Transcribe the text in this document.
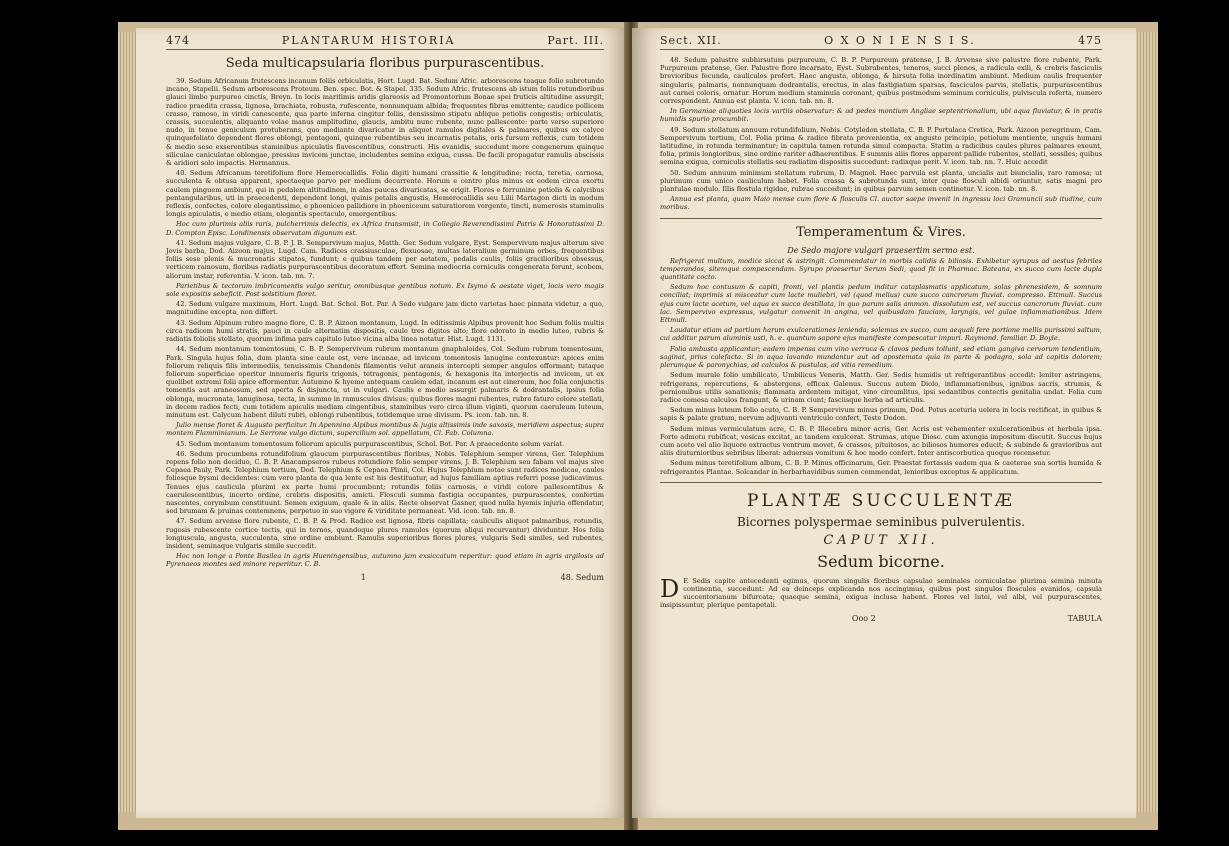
474	PLANTARUM HISTORIA	Part. III.
Seda multicapsularia floribus purpurascentibus.

39. Sedum Africanum frutescens incanum foliis orbiculatis, Hort. Lugd. Bat. Sedum Afric. arborescens teaque folio subrotundo incano, Stapelii. Sedum arborescens Proteum. Ben. spec. Bot. & Stapel. 335. Sedum Afric. frutescens ab istum foliis rotundioribus glauci limbo purpureo cinctis, Breyn. In locis maritimis aridis glareosis ad Promontorium Bonae spei fruticis altitudine assurgit, radice praedita crassa, lignosa, brachiata, robusta, rufescente, nonnunquam albida; frequentes fibras emittente; caudice pollicem crasso, ramoso, in viridi canescente, qua parte inferna cingitur foliis, densissimo stipatu ablique petiolis congestis; orbiculatis, crassis, succulentis, aliquanto volae manus amplitudine, glaucis, ambitu nunc rubente, nunc pallescente: parte verso superiore nudo, in tenue geniculum protuberans, quo mediante divaricatur in aliquot ramulos digitales & palmares, quibus ex calyce quinquefoliato dependent flores oblongi, pentagoni, quinque rubentibus seu incarnatis petalis, oris fursum reflexis, cum totidem & medio sese exserentibus staminibus apiculatis flavescentibus, constructi. His evanidis, succedunt more congenerum quinque siliculae caniculatae oblongae, pressius invicem junctae, includentes semina exigua, cussa. De facili propagatur ramulis abscissis & aridiori solo impactis. Hermannus.

40. Sedum Africanum teretifolium flore Hemerocallidis. Folia digiti humani crassitie & longitudine; recta, teretia, carnosa, succulenta & obtusa apparent, spectaeque parvo per medium decurrente. Horum e centro plus minus ex eodem circa exortu caulem pinguem ambiunt, qui in pedalem altitudinem, in alas paucas divaricatas, se erigit. Flores e ferrumine petiolis & calycibus pentangularibus, uti in praecedenti, dependent longi, quinis petalis angustis, Hemerocallidis seu Lilii Martagon dicti in modum reflexis, confectes, colore elegantissimo, e phoeniceo pallidiore in phoeniceum saturatiorem vergente, tincti, numerosis staminulis longis apiculatis, e medio etiam, elegantis spectaculo, emergentibus.

Hoc cum plurimis aliis raris, pulcherrimis delectis, ex Africa transmisit, in Collegio Reverendissimi Patris & Honoratissimi D. D. Compton Episc. Londinensis observatam digunum est.

41. Sedum majus vulgare, C. B. P. J. B. Sempervivum majus, Matth. Ger. Sedum vulgare, Eyst. Sempervivum majus alterum sive Jovis barba, Dod. Aizoon majus, Lugd. Cam. Radices crassiusculae, flexuosae, multas lateralium germinum orbes, frequentibus foliis sese plenis & mucronatis stipatos, fundunt; e quibus tandem per aetatem, pedalis caulis, foliis gracilioribus obsessus, verticem ramosum, floribus radiatis purpurascentibus decoratum effert. Semina mediocria corniculis congenerata ferunt, scobem, aliorum instar, referentia. V. icon. tab. nn. 7.

Parietibus & tectorum imbricamentis vulgo seritur, omnibusque gentibus notum. Ex Isymo & aestate viget, locis vero magis sole expositis sebeficit. Post solstitium floret.

42. Sedum vulgare maximum, Hort. Lugd. Bat. Schol. Bot. Par. A Sedo vulgare jam dicto varietas haec pinnata videtur, a quo, magnitudine excepta, non differt.

43. Sedum Alpinum rubro magno flore, C. B. P. Aizoon montanum, Lugd. In editissimis Alpibus provenit hoc Sedum foliis multis circa radicem humi stratis, pauci in caule alternatim dispositis, caule tres digitos alto; flore odorato in medio luteo, rubris & radiatis foliolis stellato, quorum infima pars capitulo luteo vicina alba linea notatur. Hist. Lugd. 1131.

44. Sedum montanum tomentosum, C. B. P. Sempervivum rubrum montanum gnaphaloides, Col. Sedum rubrum tomentosum, Park. Singula hujus folia, dum planta sine caule est, vere incanae, ad invicem tomentosis lanugine contexuntur: apices enim foliorum reliquis filis intermediis, tenuissimis Chandonis filamentis velut araneis intercepti semper angulos efformant; tutaque foliorum superficiae operitur innumeris figuris trigonis, tetragonis, pentagonis, & hexagonis ita interjectis ad invicem, ut ex quolibet extremi folii apice efformentur. Autumno & hyeme antequam caulem edat, incanum est aut cinereum, hoc folia conjunctis tomentis aut araneosum, sed aperta & disjuncta, ut in vulgari. Caulis e medio assurgit palmaris & dodrantalis, ipsius folia oblonga, mucronata, lanuginosa, tecta, in summo in ramusculos divisus: quibus flores magni rubentes, rubro faturo colore stellati, in decem radios fecti, cum totidem apiculis mediam cingentibus, staminibus vero circa illum viginti, quorum caeruleum luteum, minutum est. Calycum habent diluti rubri, oblongi rubentibus, totidemque urae divisum. Ps. icon. tab. nn. 8.

Julio mense floret & Augusto perficitur. In Apennino Alpibus montibus & jugis altissimis inde saxosis, meridiem aspectus; supra montem Flamminianum. Le Serrone vulgo dictum, supercilium sol. appellatum, Cl. Fab. Columna.

45. Sedum montanum tomentosum foliorum apiculis purpurascentibus, Schol. Bot. Par. A praecedente solum variat.

46. Sedum procumbens rotundifolium glaucum purpurascentibus floribus, Nobis. Telephium semper virens, Ger. Telephium repens folio non deciduo, C. B. P. Anacampseros rubeus rotundiore folio semper virens, J. B. Telephium seu fabam vel majus sive Cepaea Pauly, Park. Telephium tertium, Dod. Telephium & Cepaea Plinii, Col. Hujus Telephium notae sunt radices modicae, caules foliosque bysmi decidentes: cum vero planta de qua lente est his destituatur, ad hujus familiam aptius referri posse judicavimus. Tenues ejus caulicula plurimi ex parte humi procumbunt; rotundis foliis carnosis, e viridi colore pallescentibus & caerulescentibus, incerto ordine, crebris dispositis, amicti. Flosculi summa fastigia occupantes, purpurascentes, confertim nascentes, corymbum constituunt. Semen exiguum, quale & in aliis. Recte observat Gasner, quod nulla hyemis injuria offendatur, sed brumam & pruinas contemnens, perpetuo in suo vigore & viriditate permaneat. Vid. icon. tab. nn. 8.

47. Sedum arvense flore rubente, C. B. P. & Prod. Radice est lignosa, fibris capillata; cauliculis aliquot palmaribus, rotundis, rugosis rubescente cortice tectis, qui in ternos, quandoque plures ramulos (quorum aliqui recurvantur) dividuntur. Hos folia longiuscula, angusta, succulenta, sine ordine ambiunt. Ramulis superioribus flores plures, vulgaris Sedi similes, sed rubentes, insident, seminaque vulgaris simile succedit.

Hoc non longe a Ponte Basilea in agris Hueningensibus, autumno jam exsiccatum reperitur: quod etiam in agris argilosis ad Pyrenaeos montes sed minore reperiitur. C. B.

1	48. Sedum
Sect. XII.	O X O N I E N S I S.	475

48. Sedum palustre subhirsutum purpureum, C. B. P. Purpureum pratense, J. B. Arvense sive palustre flore rubente, Park. Purpureum pratense, Ger. Palustre flore incarnato, Eyst. Subrubentes, teneros, succi plenos, a radicula exili, & crebris fasciculis brevioribus fecunda, cauliculos profert. Haec angusta, oblonga, & hirsuta folia inordinatim ambiunt. Medium caulis frequenter singularis, palmaris, nonnunquam dodrantalis, erectus, in alas fastigiatum sparsas, fasciculos parvis, stellatis, purpurascentibus aut carnei coloris, ornatur. Horum medium staminula coronant, quibus postmodum seminum corniculis, pulviscula referta, numero correspondent. Annua est planta. V. icon. tab. nn. 8.

In Germaniae aliquoties locis vartiis observatur: & ad pedes montium Angliae septentrionalium, ubi aqua fluviatur, & in pratis humidis spurio procumbit.

49. Sedum stellatum annuum rotundifolium, Nobis. Cotyledon stellata, C. B. P. Portulaca Cretica, Park. Aizoon peregrinum, Cam. Sempervivum tertium, Col. Folia prima & radice fibrata provenientia, ex angusto principio, petiolum mentiente, unguis humani latitudine, in rotunda terminantur; in capitula tamen rotunda simul compacta. Statim a radicibus caules plures palmares exeunt, folia, primis longioribus, sine ordine rariter adhaerentibus. E summis aliis flores apparent pallide rubentes, stellati, sessiles; quibus semina exigua, corniculis stellatis seu radiatim dispositis succedunt: radixque perit. V. icon. tab. nn. 7. Huic accedit

50. Sedum annuum minimum stellatum rubrum, D. Magnol. Haec parvula est planta, uncialis aut biuncialis, raro ramosa; ut plurimum cum unico cauliculum habet. Folia crassa & subrotunda sunt, inter quae flosculi albidi oriuntur, satis magni pro plantulae modulo. Illis flostula rigidae, rubrae succedunt; in quibus parvum semen continetur. V. icon. tab. nn. 8.

Annua est planta, quam Maio mense cum flore & flosculis Cl. auctor saepe invenit in ingressu loci Gramuncii sub itudine, cum moribus.

Temperamentum & Vires.
De Sedo majore vulgari praesertim sermo est.

Refrigerat multum, modice siccat & astringit. Commendatur in morbis calidis & biliosis. Exhibetur syrupus ad aestus febriles temperandos, sitemque compescendam. Syrupo praesertur Serum Sedi, quod fit in Pharmac. Bateana, ex succo cum lacte dupla quantitate cocto.

Sedum hoc contusum & capiti, fronti, vel plantis pedum inditur cataplasmatis applicatum, solas phrenesidem, & somnum conciliat; imprimis si misceatur cum lacte muliebri, vel (quod melius) cum succo cancrorum fluviat. compresso. Ettmull. Succus ejus cum lacte acetum, vel aqua ex succo destillata, in quo parum salis ammon. dissolutum est, vel succus cancrorum fluviat. cum lac. Sempervivo expressus, vulgatur convenit in angina, vel quibusdam fauciam, laryngis, vel gulae inflammationibus. Idem Ettmull.

Laudatur etiam ad partium harum exulcerationes lenienda; solemus ex succo, cum aequali fere portione mellis purissimi saltum, cui additur parum aluminis usti, h. e. quantum sapore ejus manifeste compescatur impuri. Raymond. familiar. D. Boyle.

Folia ambusta applicantur; eadem impensa cum vino verruca & clavos pedum tollunt, sed etiam gangiva cervorum tendentium, saginat, prius calefacta. Si in aqua lavando mundantur aut ad apostemata quia in parte & podagra, sola ad capitis dolorem; plerumque & paronychias, ad calculos & pustulas, ad vitia remedium.

Sedum murale folio umbilicato, Umbilicus Veneris, Matth. Ger. Sedis humidis ut refrigerantibus accedit: leniter astringens, refrigerans, repercutiens, & abstergens, efficax Galenus. Succus autem Diolo, inflammationibus, ignibus sacris, strumis, & perniomibus utilis sanationis; flammata ardentem mitigat, vino circumlitus, ipsi sedantibus contectis genitalia undat. Folia cum radice comesa calculos frangunt, & urinam ciunt; fasciisque herba ad articulis.

Sedum minus luteum folio acuto, C. B. P. Sempervivum minus primum, Dod. Potus aceturia uelera in locis rectificat, in quibus & sapis & palate gratum, nervum adjuvanti ventriculo confert, Teste Dodon.

Sedum minus vermiculatum acre, C. B. P. Illecebra minor acris, Ger. Acris est vehementer exulcerationibus et herbula ipsa. Forte admotu rubificat, vesicas excitat, ac tandem exulcerat. Strumas, atque Diosc. cum axungia impositum discutit. Succus hujus cum aceto vel alio liquore extractus ventrum movet, & crassos, pituitosos, ac biliosos humores educit; & subinde & gravioribus aut aliis diuturnioribus sebribus liberat: aduersus vomitum & hoc modo confert. Inter antiscorbutica quoque recensetur.

Sedum minus teretifolium album, C. B. P. Minus officinarum, Ger. Praestat fortassis eadem qua & caeterae sua sortis humida & refrigerantes Plantae. Solcandar in herbarhavidibus sumen commendat, lenioribus exceptus & applicatum.

PLANTÆ SUCCULENTÆ
Bicornes polyspermae seminibus pulverulentis.
CAPUT XII.
Sedum bicorne.

D E Sedis capite antecedenti egimus, quorum singulis floribus capsulae seminales corniculatae plurima semina minuta continentia, succedunt: Ad ea deinceps explicanda nos accingimus, quibus post singulos flosculos evanidos, capsula succentorianum bifurcata; quaeque semina, exigua inclusa habent. Flores vel lutei, vel albi, vel purpurascentes, insipissuntur, plerique pentapetali.

Ooo 2	TABULA
